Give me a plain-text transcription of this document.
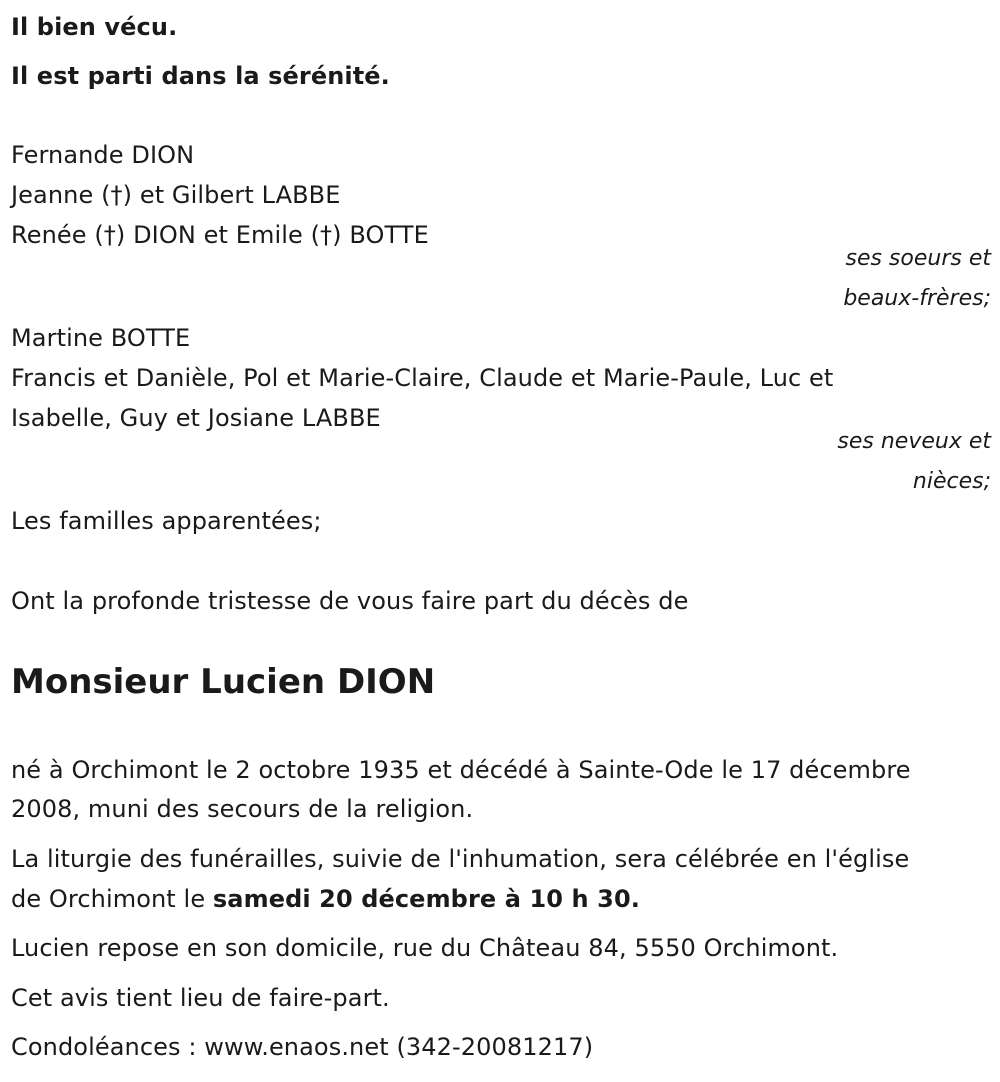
Il bien vécu.
Il est parti dans la sérénité.
Fernande DION
Jeanne (†) et Gilbert LABBE
Renée (†) DION et Emile (†) BOTTE
ses soeurs et
beaux-frères;
Martine BOTTE
Francis et Danièle, Pol et Marie-Claire, Claude et Marie-Paule, Luc et
Isabelle, Guy et Josiane LABBE
ses neveux et
nièces;
Les familles apparentées;
Ont la profonde tristesse de vous faire part du décès de
Monsieur Lucien DION
né à Orchimont le 2 octobre 1935 et décédé à Sainte-Ode le 17 décembre
2008, muni des secours de la religion.
La liturgie des funérailles, suivie de l'inhumation, sera célébrée en l'église
de Orchimont le samedi 20 décembre à 10 h 30.
Lucien repose en son domicile, rue du Château 84, 5550 Orchimont.
Cet avis tient lieu de faire-part.
Condoléances : www.enaos.net (342-20081217)
